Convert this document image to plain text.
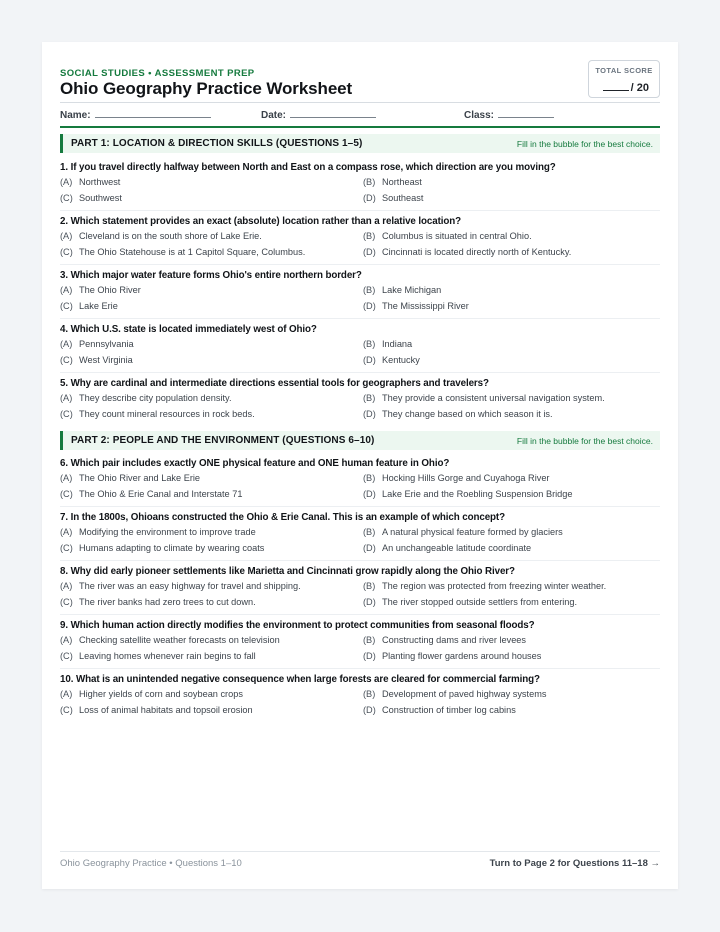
SOCIAL STUDIES • ASSESSMENT PREP
Ohio Geography Practice Worksheet
TOTAL SCORE
/ 20
Name:	Date:	Class:
PART 1: LOCATION & DIRECTION SKILLS (QUESTIONS 1–5)	Fill in the bubble for the best choice.
1. If you travel directly halfway between North and East on a compass rose, which direction are you moving?
(A) Northwest	(B) Northeast
(C) Southwest	(D) Southeast
2. Which statement provides an exact (absolute) location rather than a relative location?
(A) Cleveland is on the south shore of Lake Erie.	(B) Columbus is situated in central Ohio.
(C) The Ohio Statehouse is at 1 Capitol Square, Columbus.	(D) Cincinnati is located directly north of Kentucky.
3. Which major water feature forms Ohio's entire northern border?
(A) The Ohio River	(B) Lake Michigan
(C) Lake Erie	(D) The Mississippi River
4. Which U.S. state is located immediately west of Ohio?
(A) Pennsylvania	(B) Indiana
(C) West Virginia	(D) Kentucky
5. Why are cardinal and intermediate directions essential tools for geographers and travelers?
(A) They describe city population density.	(B) They provide a consistent universal navigation system.
(C) They count mineral resources in rock beds.	(D) They change based on which season it is.
PART 2: PEOPLE AND THE ENVIRONMENT (QUESTIONS 6–10)	Fill in the bubble for the best choice.
6. Which pair includes exactly ONE physical feature and ONE human feature in Ohio?
(A) The Ohio River and Lake Erie	(B) Hocking Hills Gorge and Cuyahoga River
(C) The Ohio & Erie Canal and Interstate 71	(D) Lake Erie and the Roebling Suspension Bridge
7. In the 1800s, Ohioans constructed the Ohio & Erie Canal. This is an example of which concept?
(A) Modifying the environment to improve trade	(B) A natural physical feature formed by glaciers
(C) Humans adapting to climate by wearing coats	(D) An unchangeable latitude coordinate
8. Why did early pioneer settlements like Marietta and Cincinnati grow rapidly along the Ohio River?
(A) The river was an easy highway for travel and shipping.	(B) The region was protected from freezing winter weather.
(C) The river banks had zero trees to cut down.	(D) The river stopped outside settlers from entering.
9. Which human action directly modifies the environment to protect communities from seasonal floods?
(A) Checking satellite weather forecasts on television	(B) Constructing dams and river levees
(C) Leaving homes whenever rain begins to fall	(D) Planting flower gardens around houses
10. What is an unintended negative consequence when large forests are cleared for commercial farming?
(A) Higher yields of corn and soybean crops	(B) Development of paved highway systems
(C) Loss of animal habitats and topsoil erosion	(D) Construction of timber log cabins
Ohio Geography Practice • Questions 1–10	Turn to Page 2 for Questions 11–18 →
